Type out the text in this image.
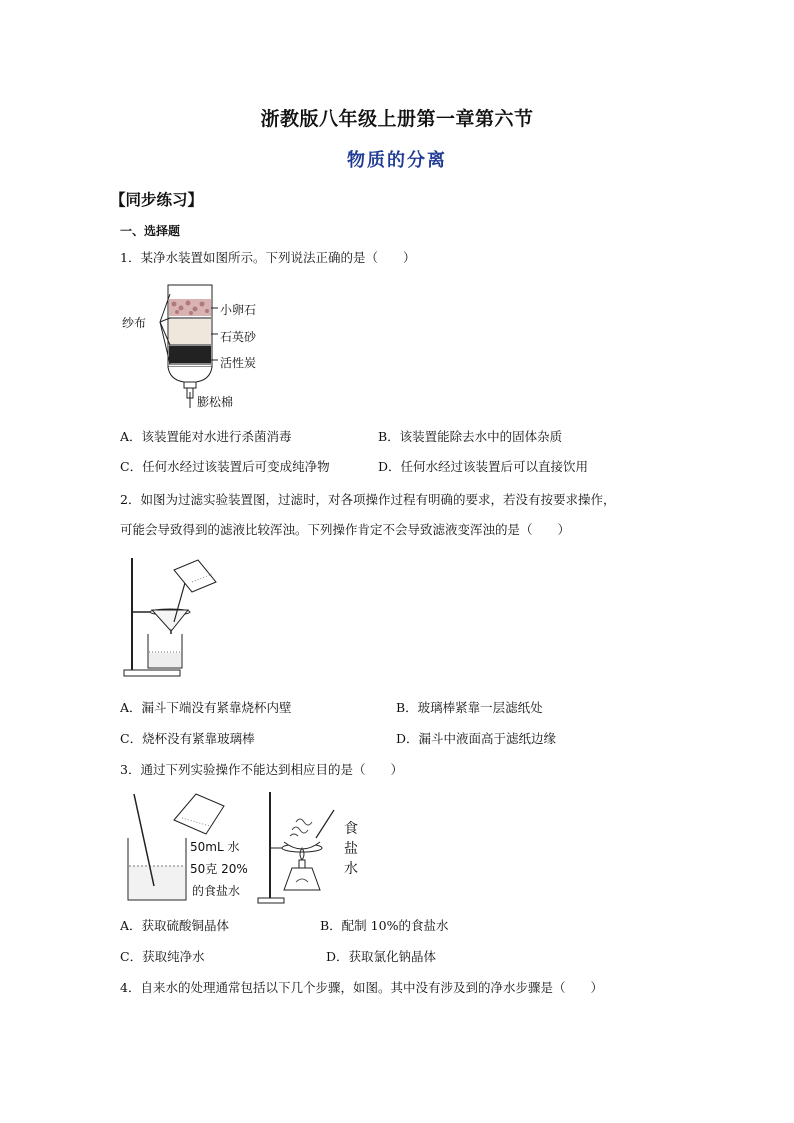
浙教版八年级上册第一章第六节
物质的分离
【同步练习】
一、选择题
1．某净水装置如图所示。下列说法正确的是（　　）
纱布
小卵石
石英砂
活性炭
膨松棉
A．该装置能对水进行杀菌消毒	B．该装置能除去水中的固体杂质
C．任何水经过该装置后可变成纯净物	D．任何水经过该装置后可以直接饮用
2．如图为过滤实验装置图，过滤时，对各项操作过程有明确的要求，若没有按要求操作，
可能会导致得到的滤液比较浑浊。下列操作肯定不会导致滤液变浑浊的是（　　）
A．漏斗下端没有紧靠烧杯内壁	B．玻璃棒紧靠一层滤纸处
C．烧杯没有紧靠玻璃棒	D．漏斗中液面高于滤纸边缘
3．通过下列实验操作不能达到相应目的是（　　）
50mL 水
50克 20%
的食盐水
食
盐
水
A．获取硫酸铜晶体	B．配制 10%的食盐水
C．获取纯净水	D．获取氯化钠晶体
4．自来水的处理通常包括以下几个步骤，如图。其中没有涉及到的净水步骤是（　　）
